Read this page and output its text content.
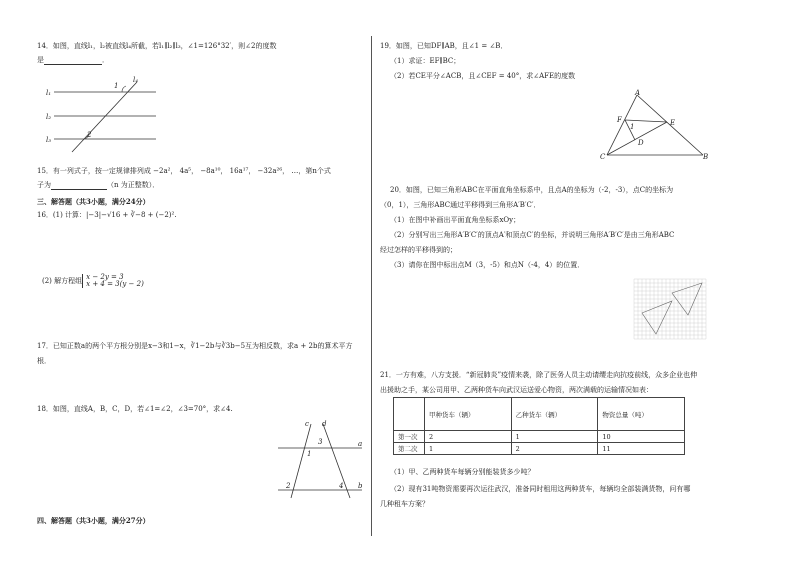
14．如图，直线l₁，l₂被直线l₄所截，若l₁∥l₂∥l₃，∠1=126°32′，则∠2的度数
是	．
1
l₄
l₁
l₂
l₃
2
15．有一列式子，按一定规律排列成 −2a²， 4a⁵， −8a¹⁰， 16a¹⁷， −32a²⁶， …，第n个式
子为	（n 为正整数）．
三、解答题（共3小题，满分24分）
16．(1) 计算：|−3|−√16 + ∛−8 + (−2)².
(2) 解方程组 x − 2y = 3
x + 4 = 3(y − 2)
17．已知正数a的两个平方根分别是x−3和1−x，∛1−2b与∛3b−5互为相反数，求a + 2b的算术平方
根．
18．如图，直线A，B，C，D，若∠1=∠2，∠3=70°，求∠4.
c d
a
b
3
1
2	4
四、解答题（共3小题，满分27分）
19．如图，已知DF∥AB，且∠1 = ∠B．
（1）求证：EF∥BC；
（2）若CE平分∠ACB，且∠CEF = 40°，求∠AFE的度数
A
F	E
1
D
C	B
20．如图，已知三角形ABC在平面直角坐标系中，且点A的坐标为（-2，-3），点C的坐标为
（0，1），三角形ABC通过平移得到三角形A′B′C′．
（1）在图中补画出平面直角坐标系xOy；
（2）分别写出三角形A′B′C′的顶点A′和顶点C′的坐标，并说明三角形A′B′C′是由三角形ABC
经过怎样的平移得到的；
（3）请你在图中标出点M（3，-5）和点N（-4，4）的位置．
21．一方有难，八方支援．“新冠肺炎”疫情来袭，除了医务人员主动请缨走向抗疫前线，众多企业也伸
出援助之手，某公司用甲、乙两种货车向武汉运送爱心物资，两次满载的运输情况如表：
	甲种货车（辆）	乙种货车（辆）	物资总量（吨）
第一次	2	1	10
第二次	1	2	11
（1）甲、乙两种货车每辆分别能装货多少吨？
（2）现有31吨物资需要再次运往武汉，准备同时租用这两种货车，每辆均全部装满货物，问有哪
几种租车方案？
